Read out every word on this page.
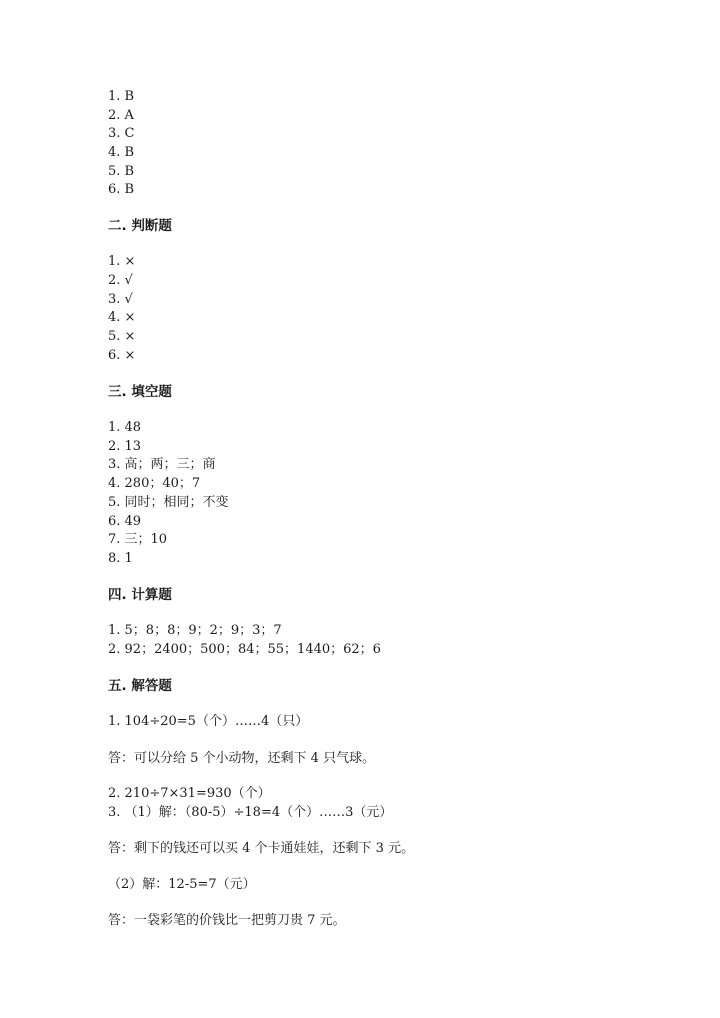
1. B
2. A
3. C
4. B
5. B
6. B
二. 判断题
1. ×
2. √
3. √
4. ×
5. ×
6. ×
三. 填空题
1. 48
2. 13
3. 高；两；三；商
4. 280；40；7
5. 同时；相同；不变
6. 49
7. 三；10
8. 1
四. 计算题
1. 5；8；8；9；2；9；3；7
2. 92；2400；500；84；55；1440；62；6
五. 解答题
1. 104÷20=5（个）……4（只）
答：可以分给 5 个小动物，还剩下 4 只气球。
2. 210÷7×31=930（个）
3. （1）解：（80-5）÷18=4（个）……3（元）
答：剩下的钱还可以买 4 个卡通娃娃，还剩下 3 元。
（2）解：12-5=7（元）
答：一袋彩笔的价钱比一把剪刀贵 7 元。
